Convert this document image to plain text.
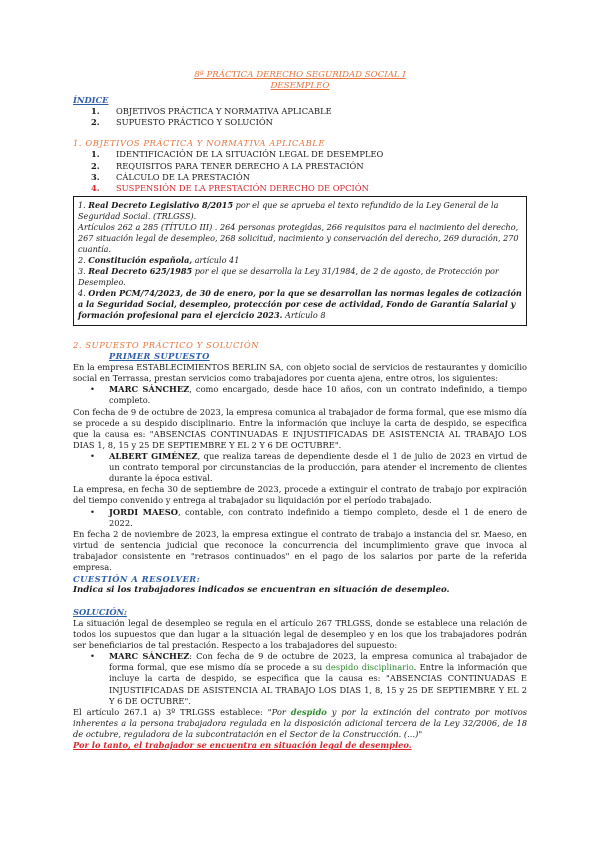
8ª PRÁCTICA DERECHO SEGURIDAD SOCIAL I
DESEMPLEO

ÍNDICE
1. OBJETIVOS PRÁCTICA Y NORMATIVA APLICABLE
2. SUPUESTO PRÁCTICO Y SOLUCIÓN
1. OBJETIVOS PRÁCTICA Y NORMATIVA APLICABLE
1. IDENTIFICACIÓN DE LA SITUACIÓN LEGAL DE DESEMPLEO
2. REQUISITOS PARA TENER DERECHO A LA PRESTACIÓN
3. CÁLCULO DE LA PRESTACIÓN
4. SUSPENSIÓN DE LA PRESTACIÓN DERECHO DE OPCIÓN
1. Real Decreto Legislativo 8/2015 por el que se aprueba el texto refundido de la Ley General de la Seguridad Social. (TRLGSS).
Artículos 262 a 285 (TÍTULO III) . 264 personas protegidas, 266 requisitos para el nacimiento del derecho, 267 situación legal de desempleo, 268 solicitud, nacimiento y conservación del derecho, 269 duración, 270 cuantía.
2. Constitución española, artículo 41
3. Real Decreto 625/1985 por el que se desarrolla la Ley 31/1984, de 2 de agosto, de Protección por Desempleo.
4. Orden PCM/74/2023, de 30 de enero, por la que se desarrollan las normas legales de cotización a la Seguridad Social, desempleo, protección por cese de actividad, Fondo de Garantía Salarial y formación profesional para el ejercicio 2023. Artículo 8
2. SUPUESTO PRÁCTICO Y SOLUCIÓN
PRIMER SUPUESTO
En la empresa ESTABLECIMIENTOS BERLIN SA, con objeto social de servicios de restaurantes y domicilio social en Terrassa, prestan servicios como trabajadores por cuenta ajena, entre otros, los siguientes:
• MARC SÁNCHEZ, como encargado, desde hace 10 años, con un contrato indefinido, a tiempo completo.
Con fecha de 9 de octubre de 2023, la empresa comunica al trabajador de forma formal, que ese mismo día se procede a su despido disciplinario. Entre la información que incluye la carta de despido, se especifica que la causa es: "ABSENCIAS CONTINUADAS E INJUSTIFICADAS DE ASISTENCIA AL TRABAJO LOS DIAS 1, 8, 15 y 25 DE SEPTIEMBRE Y EL 2 Y 6 DE OCTUBRE".
• ALBERT GIMÉNEZ, que realiza tareas de dependiente desde el 1 de julio de 2023 en virtud de un contrato temporal por circunstancias de la producción, para atender el incremento de clientes durante la época estival.
La empresa, en fecha 30 de septiembre de 2023, procede a extinguir el contrato de trabajo por expiración del tiempo convenido y entrega al trabajador su liquidación por el período trabajado.
• JORDI MAESO, contable, con contrato indefinido a tiempo completo, desde el 1 de enero de 2022.
En fecha 2 de noviembre de 2023, la empresa extingue el contrato de trabajo a instancia del sr. Maeso, en virtud de sentencia judicial que reconoce la concurrencia del incumplimiento grave que invoca al trabajador consistente en "retrasos continuados" en el pago de los salarios por parte de la referida empresa.
CUESTIÓN A RESOLVER:
Indica si los trabajadores indicados se encuentran en situación de desempleo.
SOLUCIÓN:
La situación legal de desempleo se regula en el artículo 267 TRLGSS, donde se establece una relación de todos los supuestos que dan lugar a la situación legal de desempleo y en los que los trabajadores podrán ser beneficiarios de tal prestación. Respecto a los trabajadores del supuesto:
• MARC SÁNCHEZ: Con fecha de 9 de octubre de 2023, la empresa comunica al trabajador de forma formal, que ese mismo día se procede a su despido disciplinario. Entre la información que incluye la carta de despido, se especifica que la causa es: "ABSENCIAS CONTINUADAS E INJUSTIFICADAS DE ASISTENCIA AL TRABAJO LOS DIAS 1, 8, 15 y 25 DE SEPTIEMBRE Y EL 2 Y 6 DE OCTUBRE".
El artículo 267.1 a) 3º TRLGSS establece: "Por despido y por la extinción del contrato por motivos inherentes a la persona trabajadora regulada en la disposición adicional tercera de la Ley 32/2006, de 18 de octubre, reguladora de la subcontratación en el Sector de la Construcción. (...)"
Por lo tanto, el trabajador se encuentra en situación legal de desempleo.
